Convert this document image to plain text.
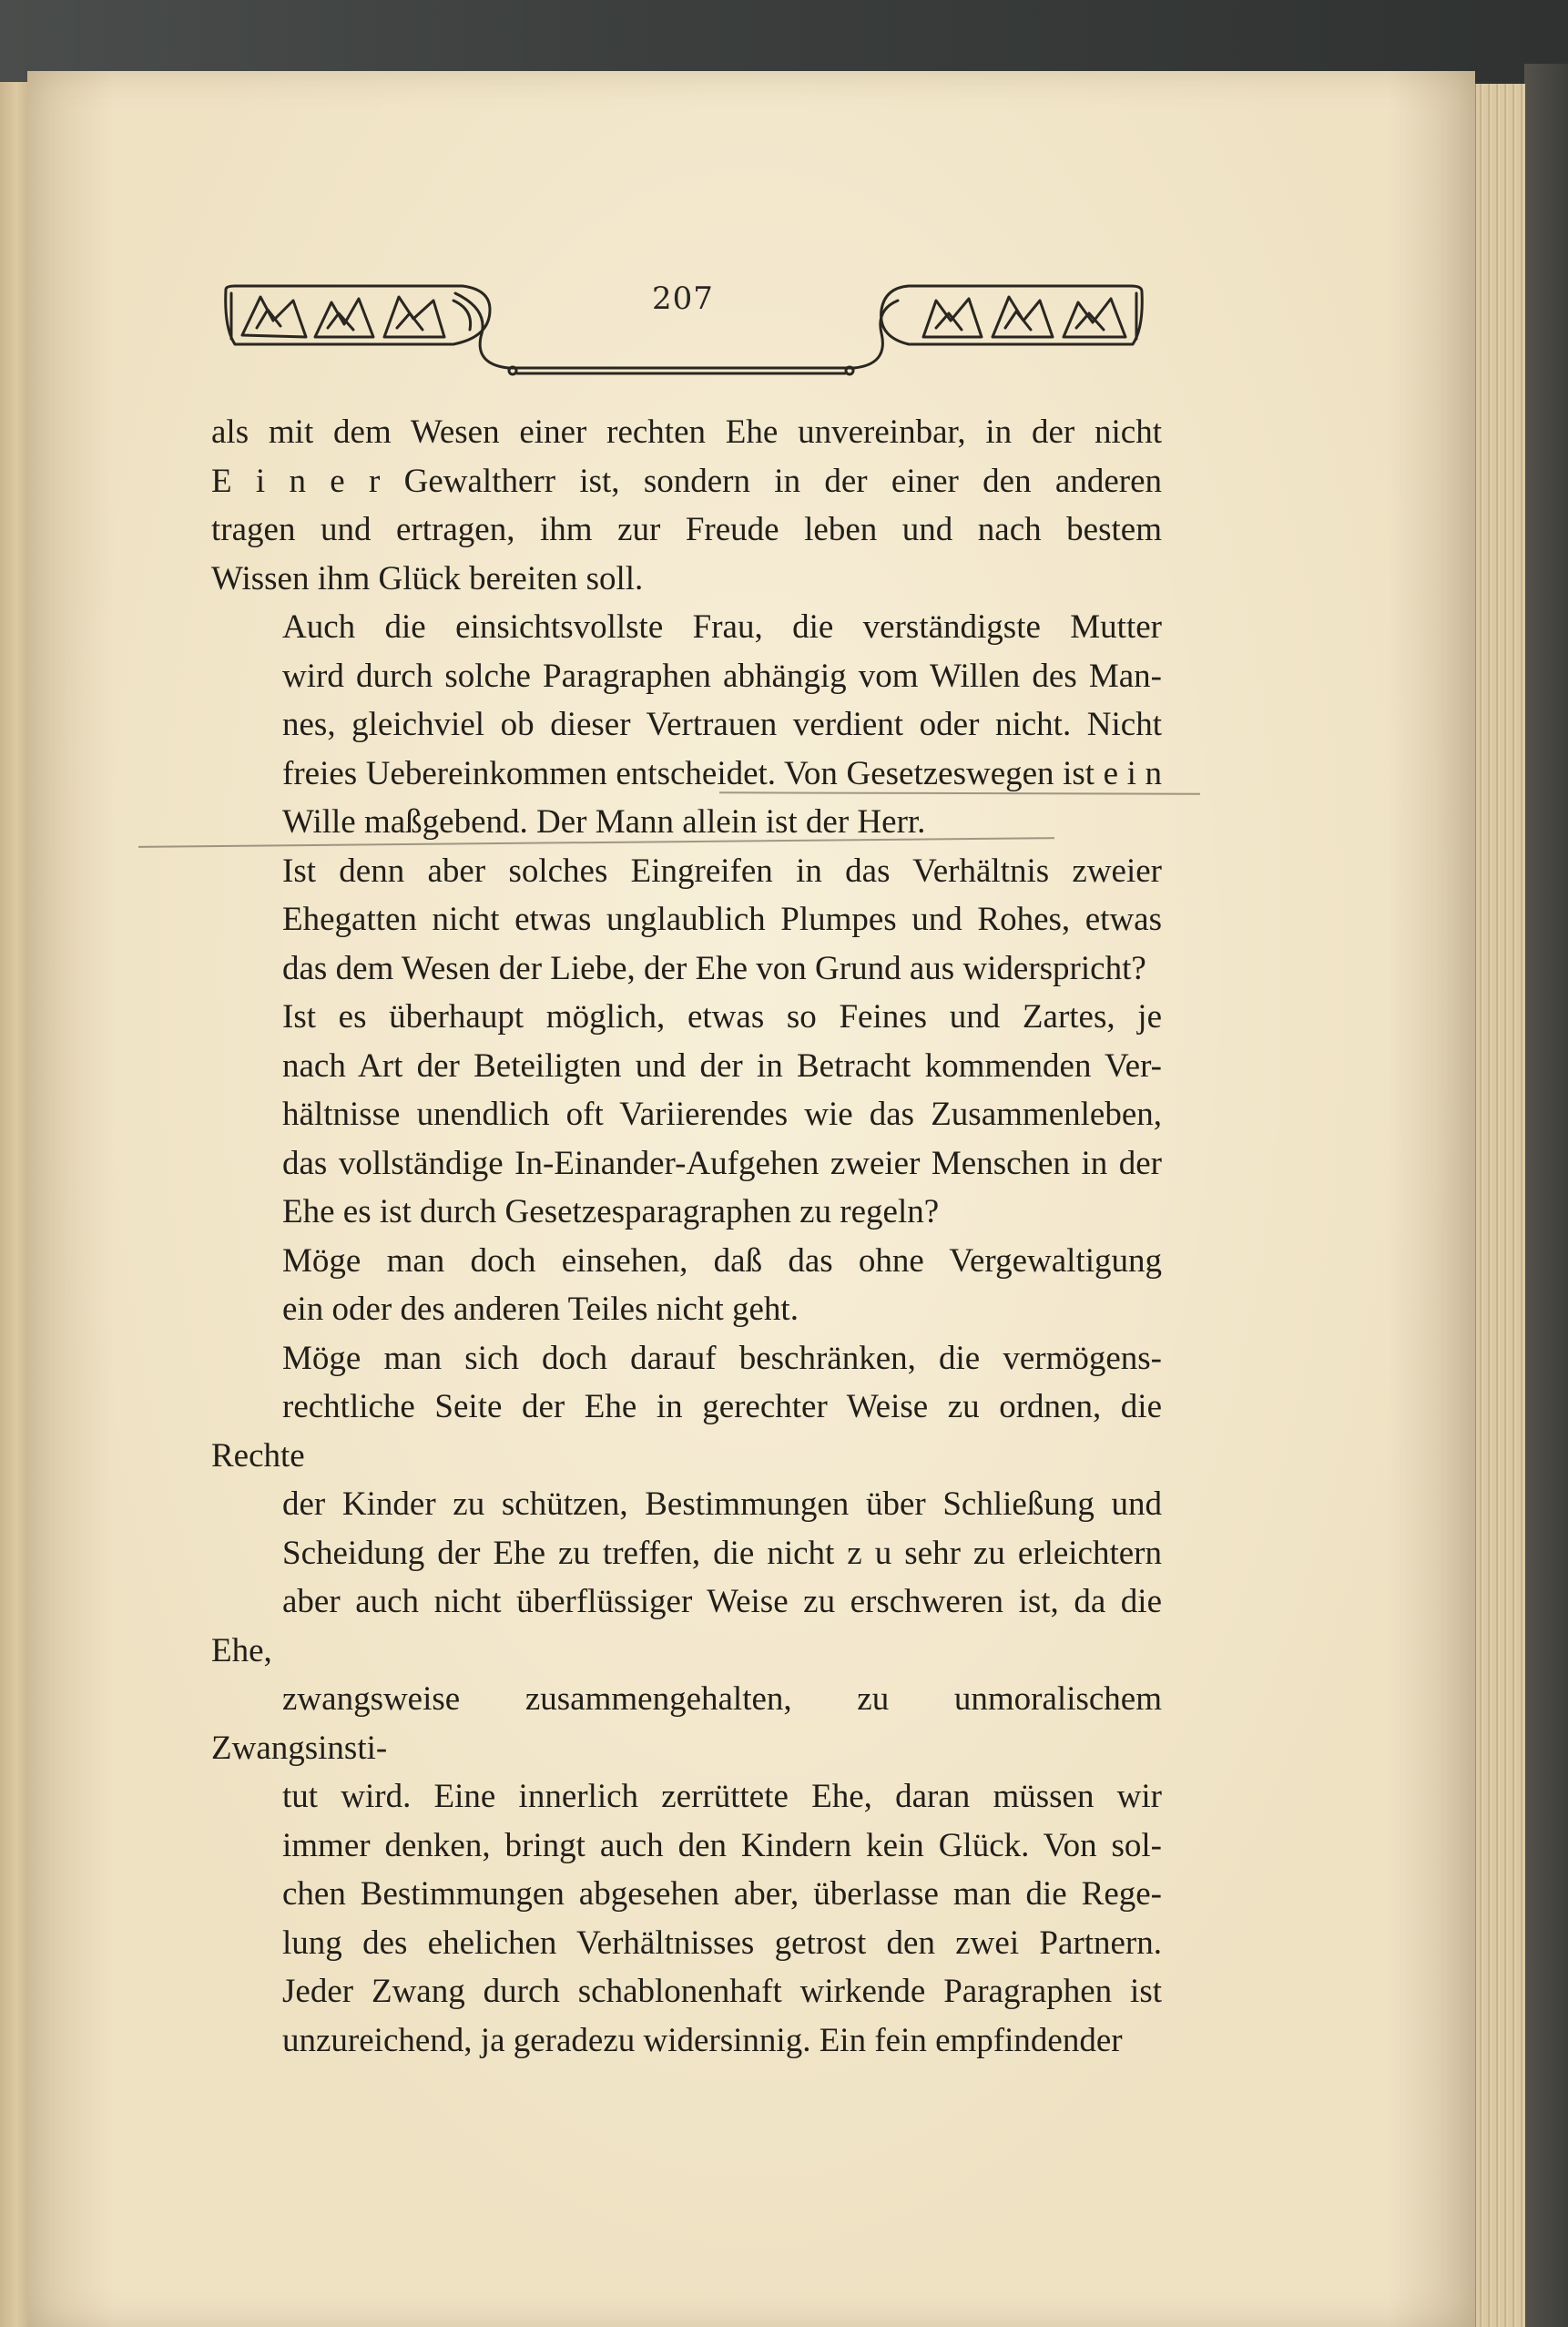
207

als mit dem Wesen einer rechten Ehe unvereinbar, in der nicht
E i n e r Gewaltherr ist, sondern in der einer den anderen
tragen und ertragen, ihm zur Freude leben und nach bestem
Wissen ihm Glück bereiten soll.

Auch die einsichtsvollste Frau, die verständigste Mutter
wird durch solche Paragraphen abhängig vom Willen des Man-
nes, gleichviel ob dieser Vertrauen verdient oder nicht. Nicht
freies Uebereinkommen entscheidet. Von Gesetzeswegen ist e i n
Wille maßgebend. Der Mann allein ist der Herr.

Ist denn aber solches Eingreifen in das Verhältnis zweier
Ehegatten nicht etwas unglaublich Plumpes und Rohes, etwas
das dem Wesen der Liebe, der Ehe von Grund aus widerspricht?

Ist es überhaupt möglich, etwas so Feines und Zartes, je
nach Art der Beteiligten und der in Betracht kommenden Ver-
hältnisse unendlich oft Variierendes wie das Zusammenleben,
das vollständige In-Einander-Aufgehen zweier Menschen in der
Ehe es ist durch Gesetzesparagraphen zu regeln?

Möge man doch einsehen, daß das ohne Vergewaltigung
ein oder des anderen Teiles nicht geht.

Möge man sich doch darauf beschränken, die vermögens-
rechtliche Seite der Ehe in gerechter Weise zu ordnen, die Rechte
der Kinder zu schützen, Bestimmungen über Schließung und
Scheidung der Ehe zu treffen, die nicht z u sehr zu erleichtern
aber auch nicht überflüssiger Weise zu erschweren ist, da die Ehe,
zwangsweise zusammengehalten, zu unmoralischem Zwangsinsti-
tut wird. Eine innerlich zerrüttete Ehe, daran müssen wir
immer denken, bringt auch den Kindern kein Glück. Von sol-
chen Bestimmungen abgesehen aber, überlasse man die Rege-
lung des ehelichen Verhältnisses getrost den zwei Partnern.
Jeder Zwang durch schablonenhaft wirkende Paragraphen ist
unzureichend, ja geradezu widersinnig. Ein fein empfindender
